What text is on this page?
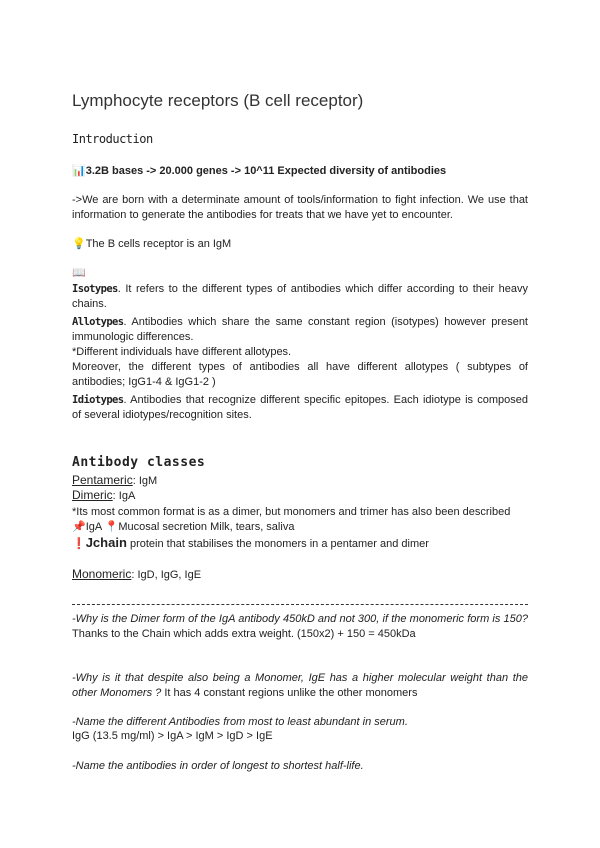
Lymphocyte receptors (B cell receptor)
Introduction
📊3.2B bases -> 20.000 genes -> 10^11 Expected diversity of antibodies
->We are born with a determinate amount of tools/information to fight infection. We use that information to generate the antibodies for treats that we have yet to encounter.
💡The B cells receptor is an IgM
📖
Isotypes. It refers to the different types of antibodies which differ according to their heavy chains.
Allotypes. Antibodies which share the same constant region (isotypes) however present immunologic differences.
*Different individuals have different allotypes.
Moreover, the different types of antibodies all have different allotypes ( subtypes of antibodies; IgG1-4 & IgG1-2 )
Idiotypes. Antibodies that recognize different specific epitopes. Each idiotype is composed of several idiotypes/recognition sites.
Antibody classes
Pentameric: IgM
Dimeric: IgA
*Its most common format is as a dimer, but monomers and trimer has also been described
📌IgA 📍Mucosal secretion Milk, tears, saliva
❗Jchain protein that stabilises the monomers in a pentamer and dimer
Monomeric: IgD, IgG, IgE
-Why is the Dimer form of the IgA antibody 450kD and not 300, if the monomeric form is 150? Thanks to the Chain which adds extra weight. (150x2) + 150 = 450kDa
-Why is it that despite also being a Monomer, IgE has a higher molecular weight than the other Monomers ? It has 4 constant regions unlike the other monomers
-Name the different Antibodies from most to least abundant in serum.
IgG (13.5 mg/ml) > IgA > IgM > IgD > IgE
-Name the antibodies in order of longest to shortest half-life.
